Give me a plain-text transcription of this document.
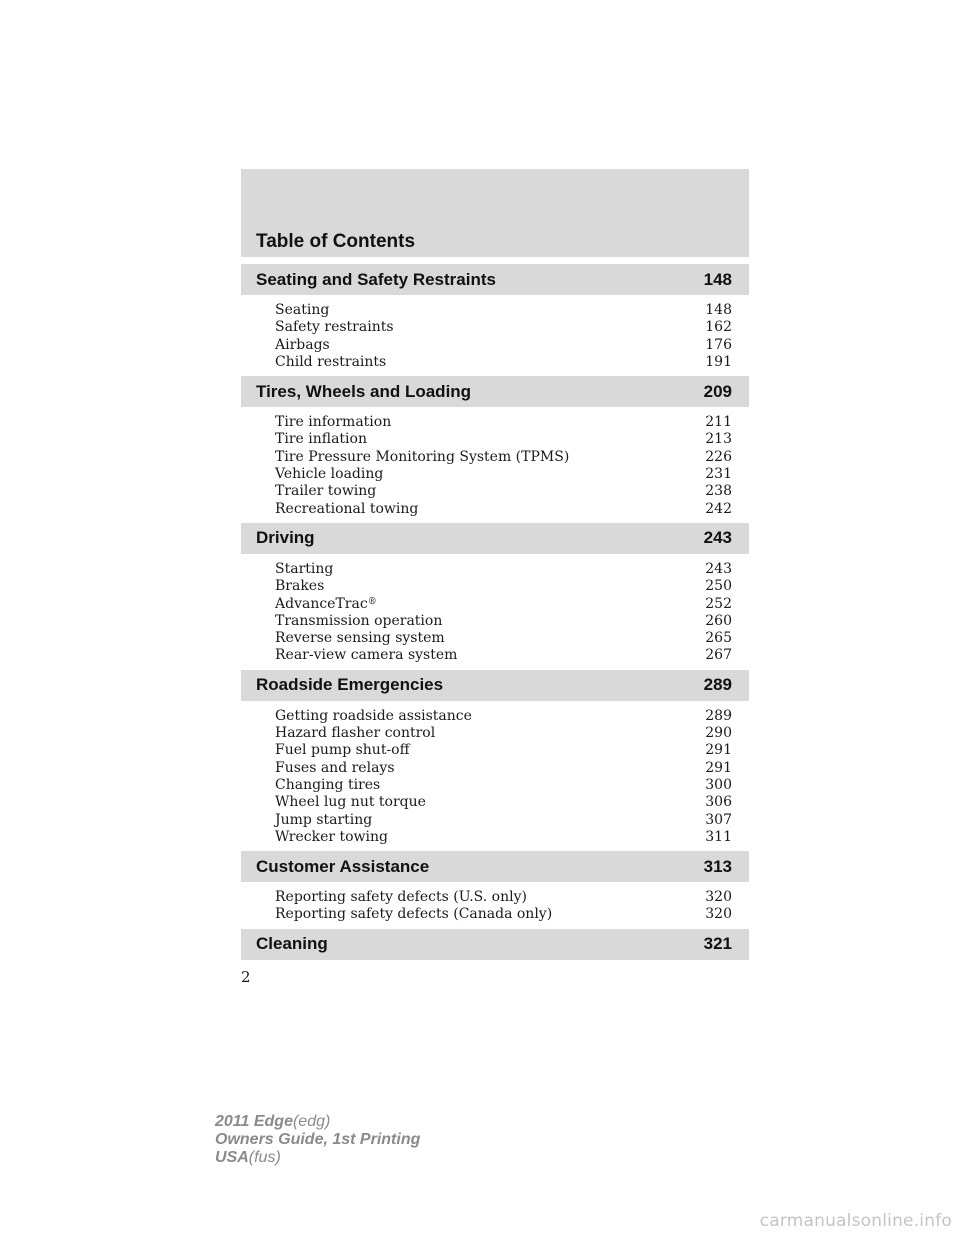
Table of Contents
Seating and Safety Restraints	148
Seating	148
Safety restraints	162
Airbags	176
Child restraints	191
Tires, Wheels and Loading	209
Tire information	211
Tire inflation	213
Tire Pressure Monitoring System (TPMS)	226
Vehicle loading	231
Trailer towing	238
Recreational towing	242
Driving	243
Starting	243
Brakes	250
AdvanceTrac®	252
Transmission operation	260
Reverse sensing system	265
Rear-view camera system	267
Roadside Emergencies	289
Getting roadside assistance	289
Hazard flasher control	290
Fuel pump shut-off	291
Fuses and relays	291
Changing tires	300
Wheel lug nut torque	306
Jump starting	307
Wrecker towing	311
Customer Assistance	313
Reporting safety defects (U.S. only)	320
Reporting safety defects (Canada only)	320
Cleaning	321
2
2011 Edge(edg)
Owners Guide, 1st Printing
USA(fus)
carmanualsonline.info
